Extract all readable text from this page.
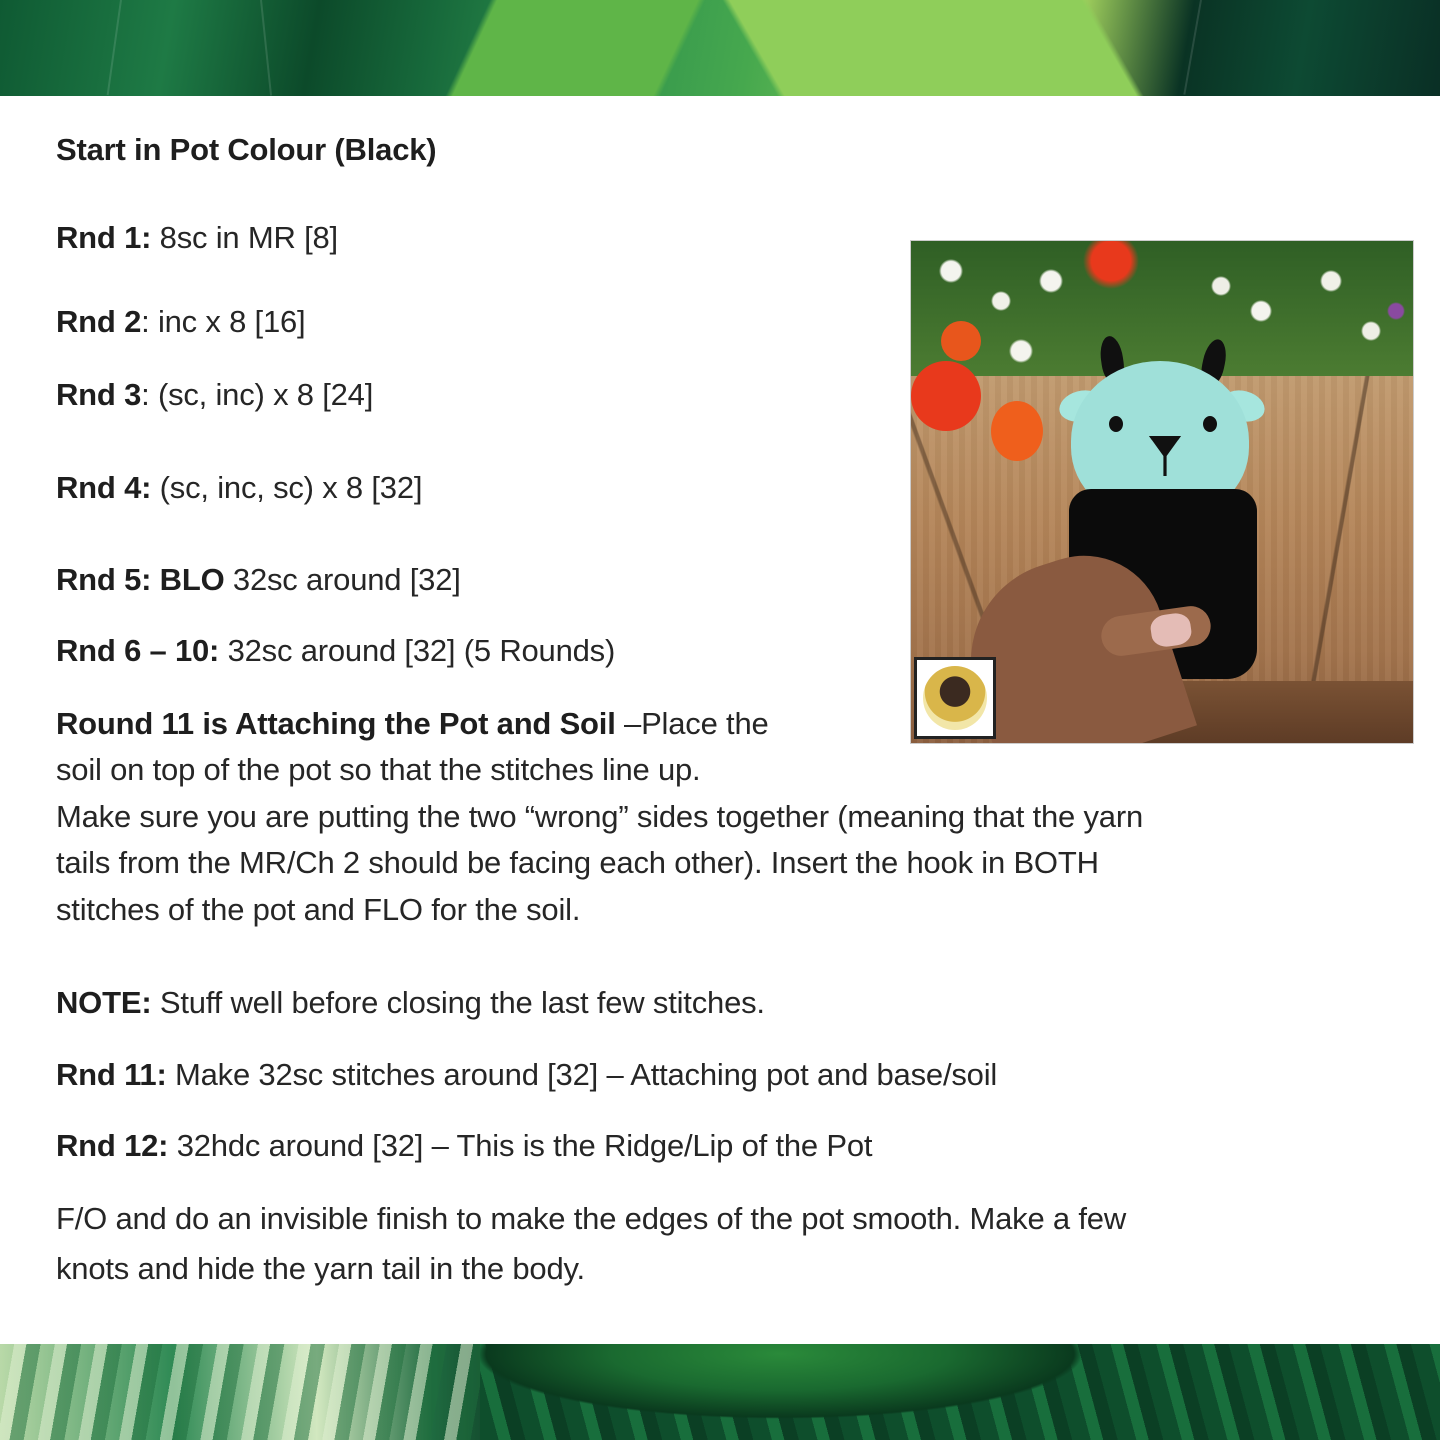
Start in Pot Colour (Black)
Rnd 1: 8sc in MR [8]
Rnd 2: inc x 8 [16]
Rnd 3: (sc, inc) x 8 [24]
Rnd 4: (sc, inc, sc) x 8 [32]
Rnd 5: BLO 32sc around [32]
Rnd 6 – 10: 32sc around [32] (5 Rounds)
Round 11 is Attaching the Pot and Soil –Place the
soil on top of the pot so that the stitches line up.
Make sure you are putting the two “wrong” sides together (meaning that the yarn
tails from the MR/Ch 2 should be facing each other). Insert the hook in BOTH
stitches of the pot and FLO for the soil.
NOTE: Stuff well before closing the last few stitches.
Rnd 11: Make 32sc stitches around [32] – Attaching pot and base/soil
Rnd 12: 32hdc around [32] – This is the Ridge/Lip of the Pot
F/O and do an invisible finish to make the edges of the pot smooth. Make a few
knots and hide the yarn tail in the body.
